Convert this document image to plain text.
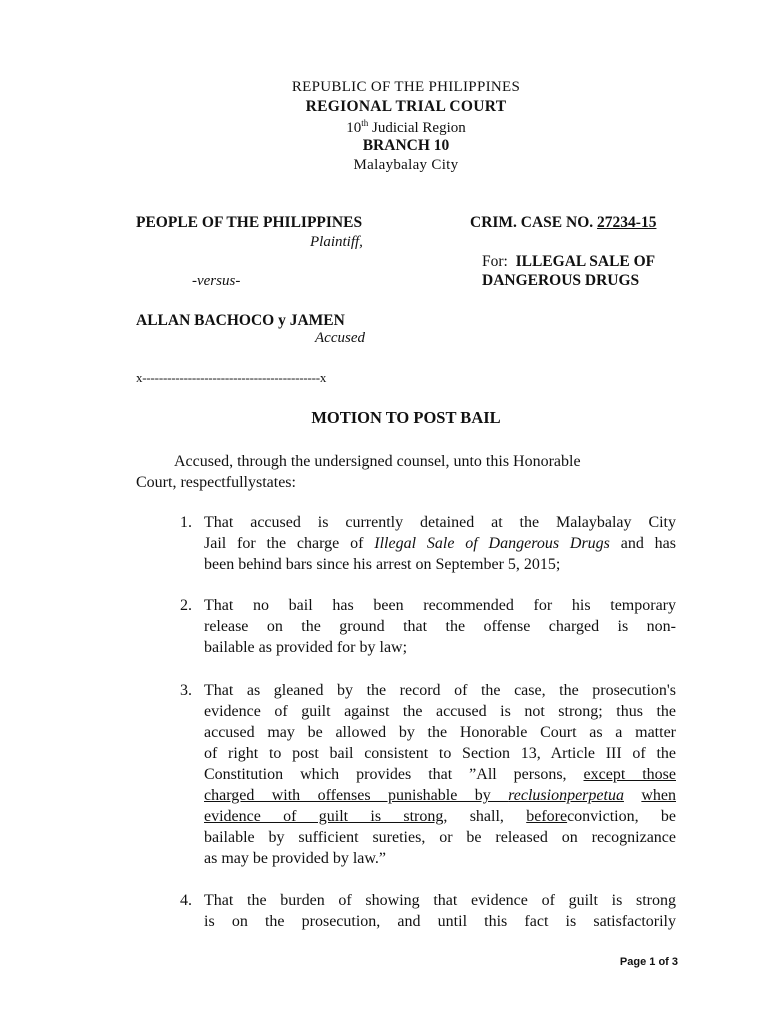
REPUBLIC OF THE PHILIPPINES
REGIONAL TRIAL COURT
10th Judicial Region
BRANCH 10
Malaybalay City
PEOPLE OF THE PHILIPPINES
Plaintiff,
-versus-
ALLAN BACHOCO y JAMEN
Accused
CRIM. CASE NO. 27234-15
For: ILLEGAL SALE OF
DANGEROUS DRUGS
x-------------------------------------------x
MOTION TO POST BAIL
Accused, through the undersigned counsel, unto this Honorable
Court, respectfullystates:
1. That accused is currently detained at the Malaybalay City
Jail for the charge of Illegal Sale of Dangerous Drugs and has
been behind bars since his arrest on September 5, 2015;
2. That no bail has been recommended for his temporary
release on the ground that the offense charged is non-
bailable as provided for by law;
3. That as gleaned by the record of the case, the prosecution's
evidence of guilt against the accused is not strong; thus the
accused may be allowed by the Honorable Court as a matter
of right to post bail consistent to Section 13, Article III of the
Constitution which provides that ”All persons, except those
charged with offenses punishable by reclusionperpetua when
evidence of guilt is strong, shall, beforeconviction, be
bailable by sufficient sureties, or be released on recognizance
as may be provided by law.”
4. That the burden of showing that evidence of guilt is strong
is on the prosecution, and until this fact is satisfactorily
Page 1 of 3
